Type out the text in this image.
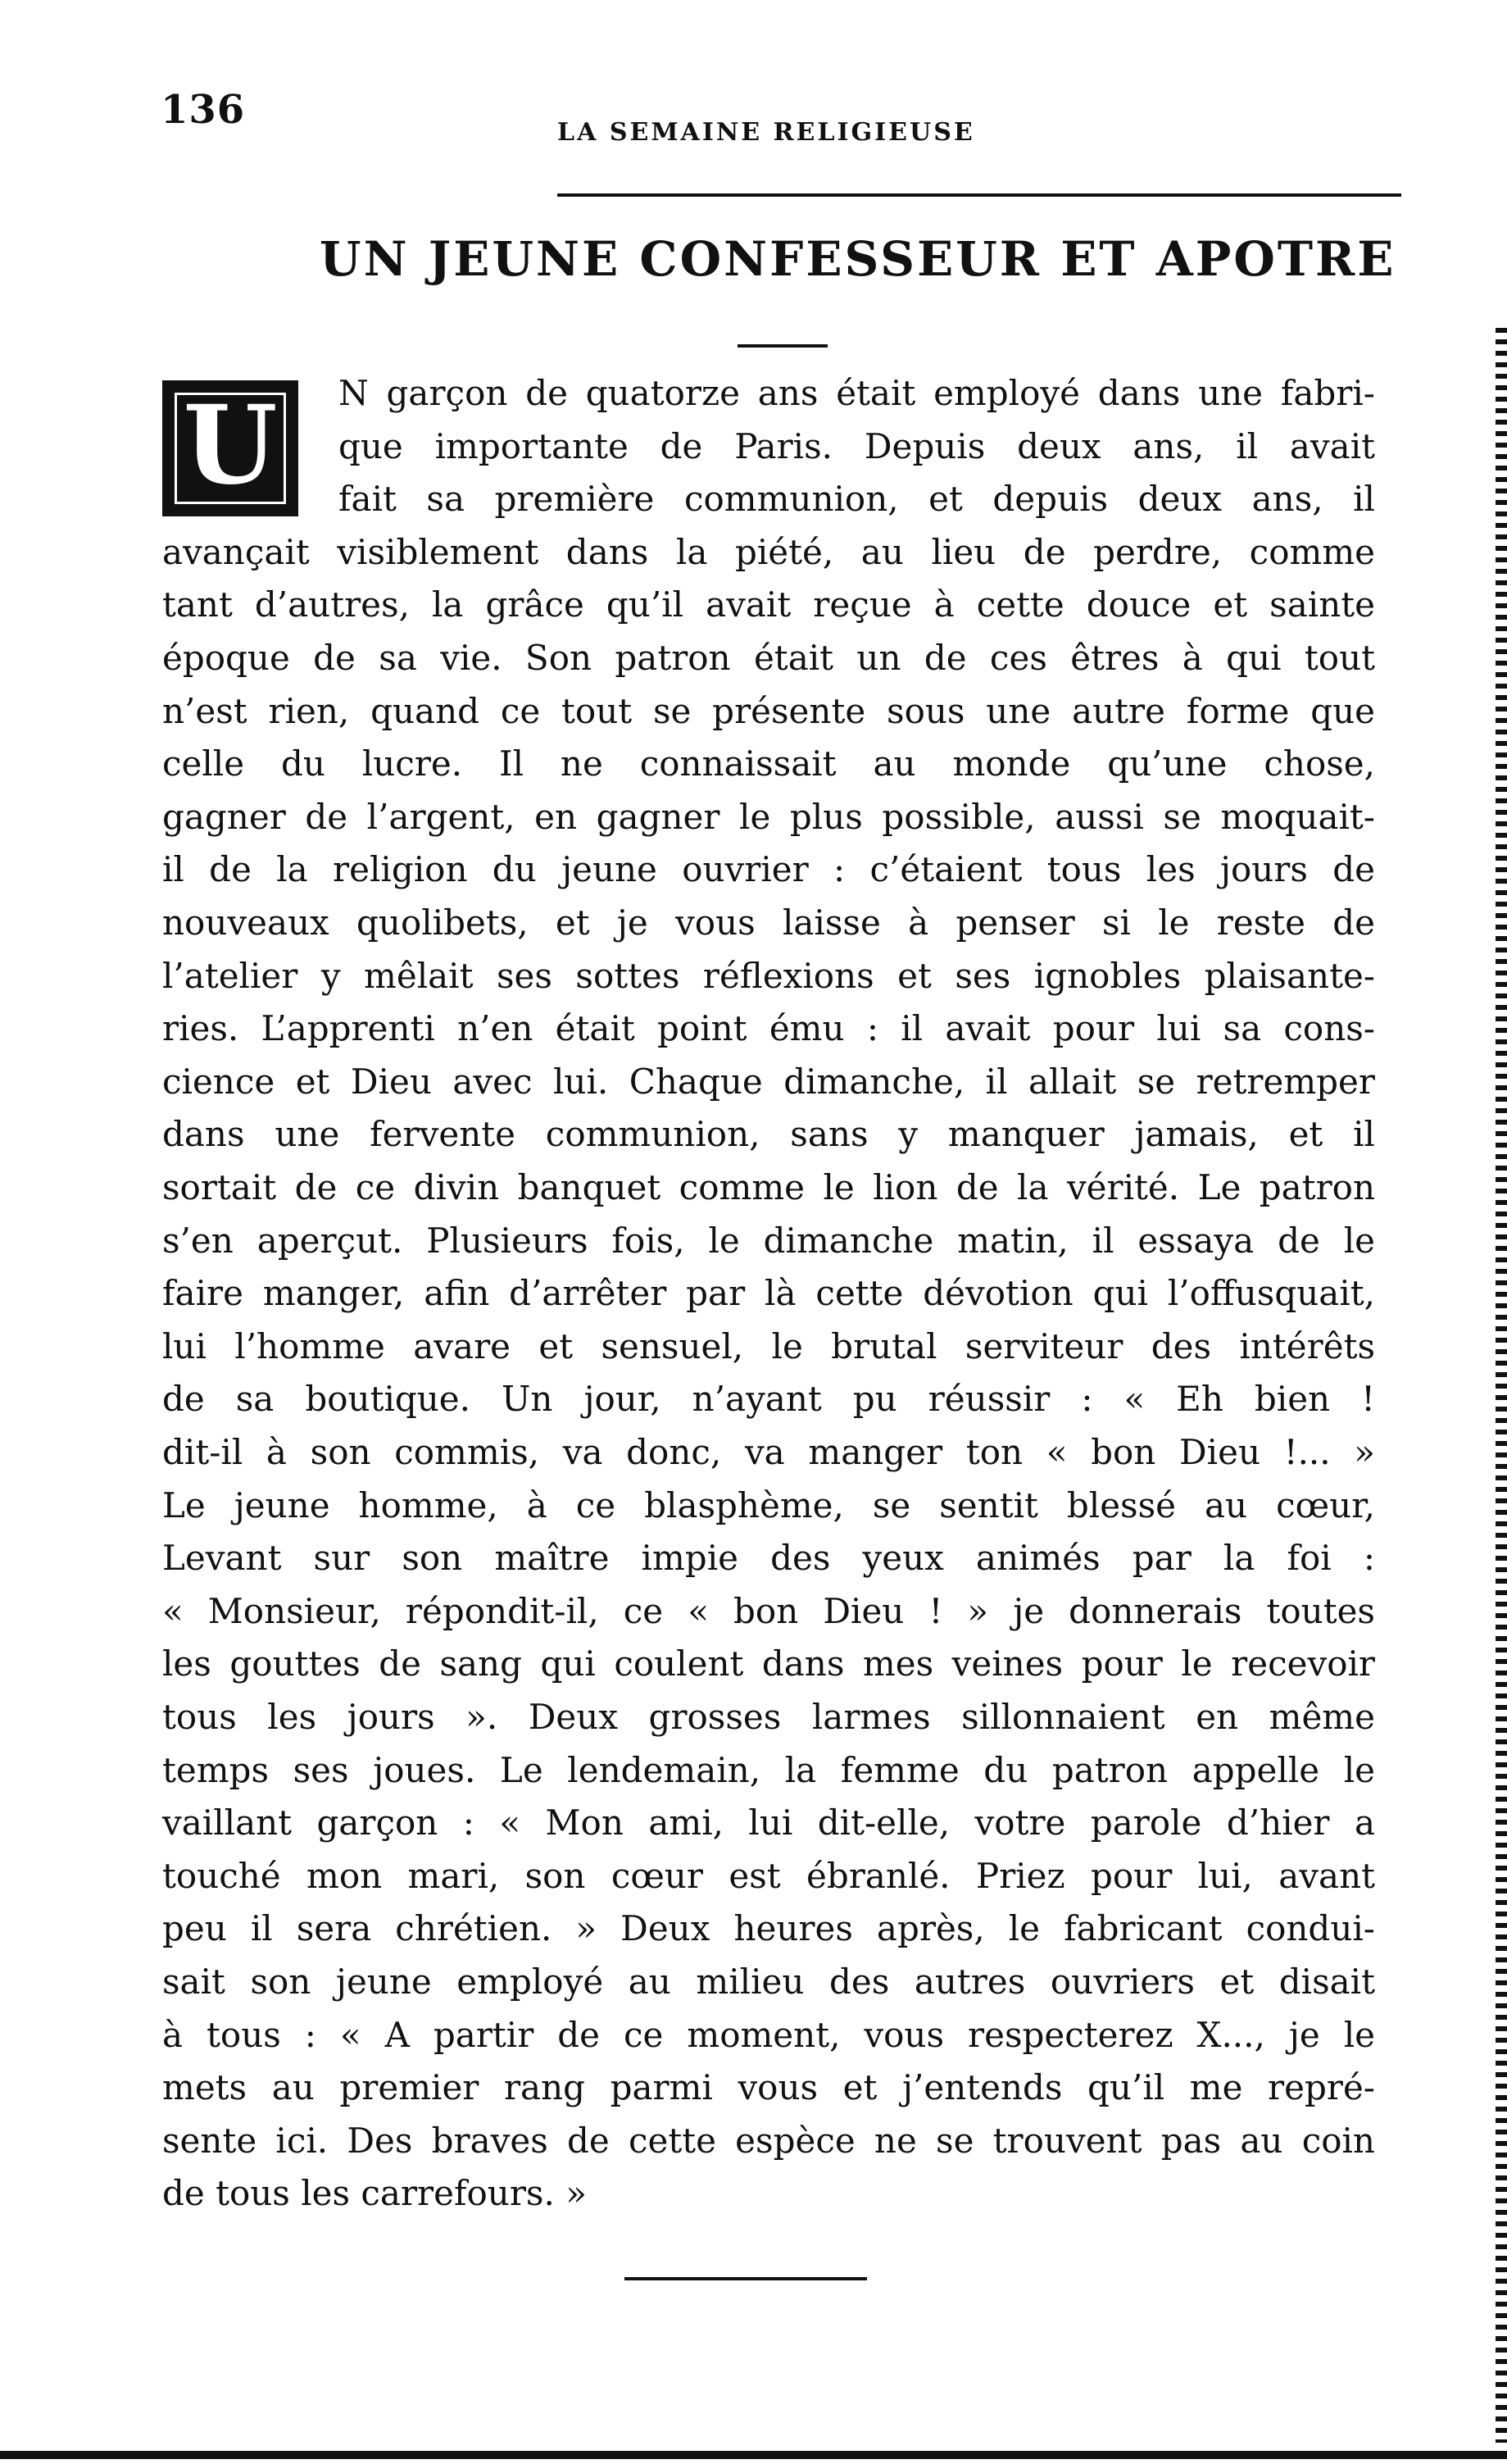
136	LA SEMAINE RELIGIEUSE
UN JEUNE CONFESSEUR ET APOTRE
U	N garçon de quatorze ans était employé dans une fabri-
que importante de Paris. Depuis deux ans, il avait
fait sa première communion, et depuis deux ans, il
avançait visiblement dans la piété, au lieu de perdre, comme
tant d’autres, la grâce qu’il avait reçue à cette douce et sainte
époque de sa vie. Son patron était un de ces êtres à qui tout
n’est rien, quand ce tout se présente sous une autre forme que
celle du lucre. Il ne connaissait au monde qu’une chose,
gagner de l’argent, en gagner le plus possible, aussi se moquait-
il de la religion du jeune ouvrier : c’étaient tous les jours de
nouveaux quolibets, et je vous laisse à penser si le reste de
l’atelier y mêlait ses sottes réflexions et ses ignobles plaisante-
ries. L’apprenti n’en était point ému : il avait pour lui sa cons-
cience et Dieu avec lui. Chaque dimanche, il allait se retremper
dans une fervente communion, sans y manquer jamais, et il
sortait de ce divin banquet comme le lion de la vérité. Le patron
s’en aperçut. Plusieurs fois, le dimanche matin, il essaya de le
faire manger, afin d’arrêter par là cette dévotion qui l’offusquait,
lui l’homme avare et sensuel, le brutal serviteur des intérêts
de sa boutique. Un jour, n’ayant pu réussir : « Eh bien !
dit-il à son commis, va donc, va manger ton « bon Dieu !... »
Le jeune homme, à ce blasphème, se sentit blessé au cœur,
Levant sur son maître impie des yeux animés par la foi :
« Monsieur, répondit-il, ce « bon Dieu ! » je donnerais toutes
les gouttes de sang qui coulent dans mes veines pour le recevoir
tous les jours ». Deux grosses larmes sillonnaient en même
temps ses joues. Le lendemain, la femme du patron appelle le
vaillant garçon : « Mon ami, lui dit-elle, votre parole d’hier a
touché mon mari, son cœur est ébranlé. Priez pour lui, avant
peu il sera chrétien. » Deux heures après, le fabricant condui-
sait son jeune employé au milieu des autres ouvriers et disait
à tous : « A partir de ce moment, vous respecterez X..., je le
mets au premier rang parmi vous et j’entends qu’il me repré-
sente ici. Des braves de cette espèce ne se trouvent pas au coin
de tous les carrefours. »
